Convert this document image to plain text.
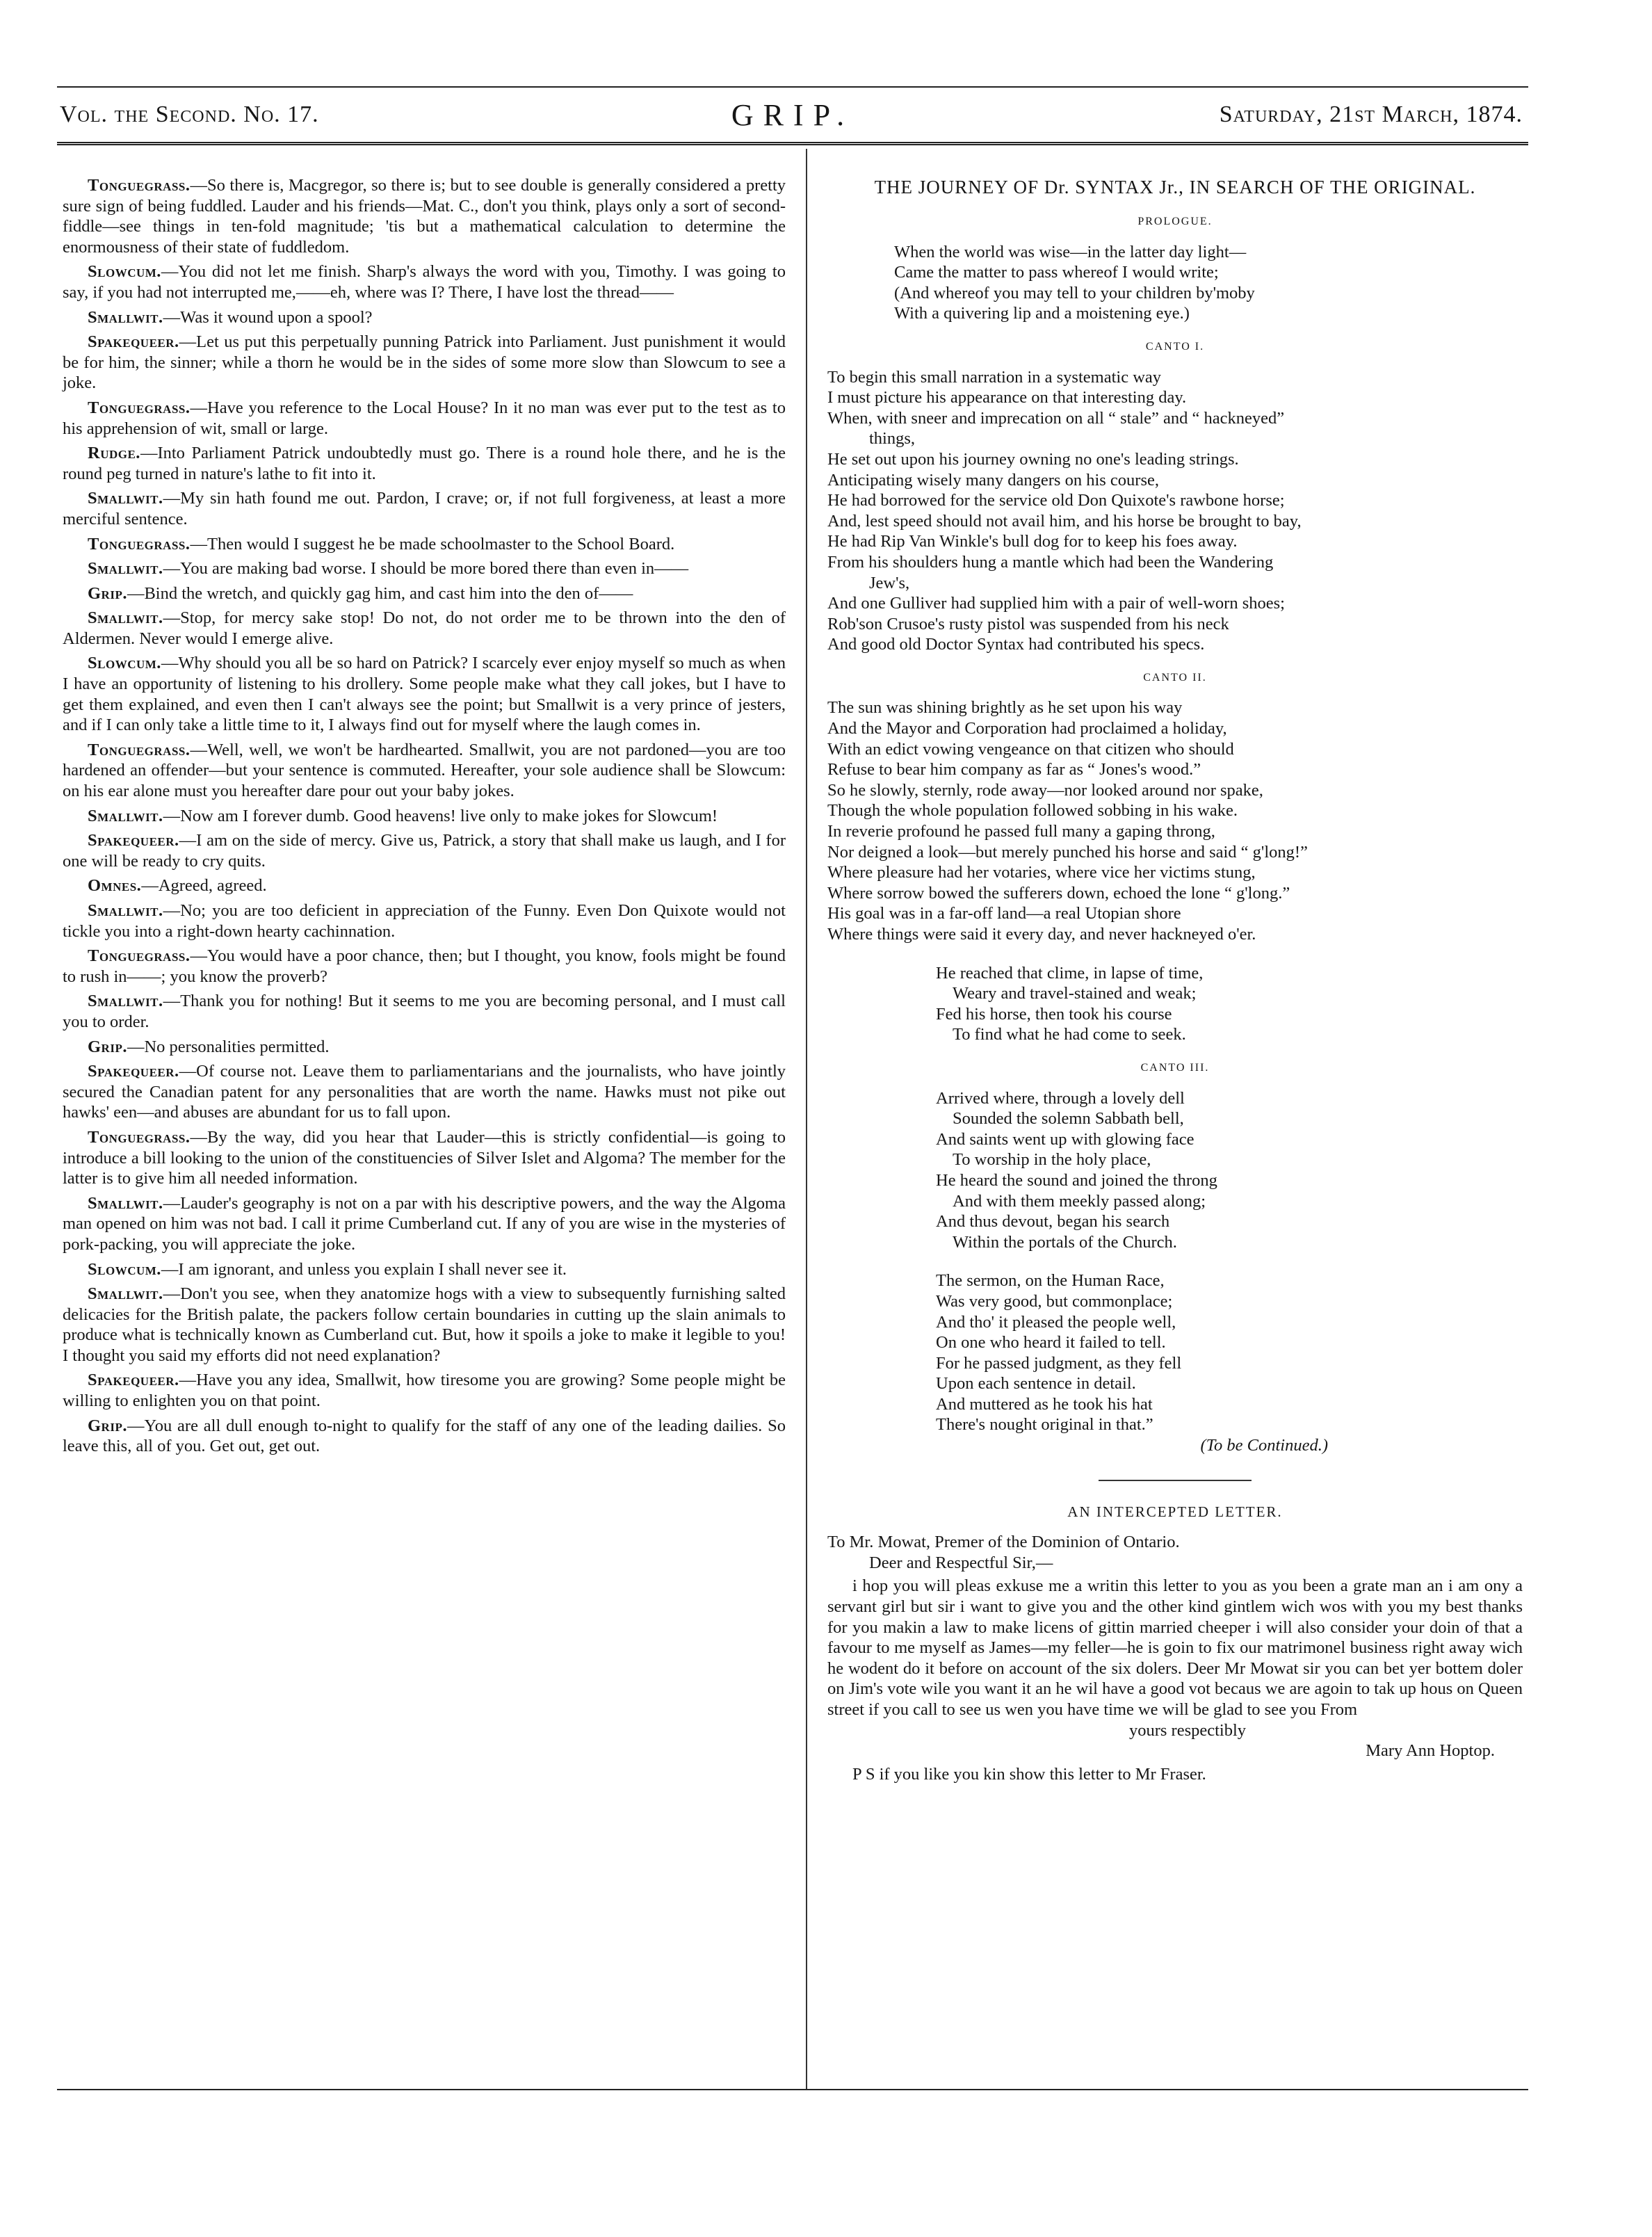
Vol. the Second. No. 17.	GRIP.	Saturday, 21st March, 1874.

Tonguegrass.—So there is, Macgregor, so there is; but to see double is generally considered a pretty sure sign of being fuddled. Lauder and his friends—Mat. C., don't you think, plays only a sort of second-fiddle—see things in ten-fold magnitude; 'tis but a mathematical calculation to determine the enormousness of their state of fuddledom.

Slowcum.—You did not let me finish. Sharp's always the word with you, Timothy. I was going to say, if you had not interrupted me,——eh, where was I? There, I have lost the thread——

Smallwit.—Was it wound upon a spool?

Spakequeer.—Let us put this perpetually punning Patrick into Parliament. Just punishment it would be for him, the sinner; while a thorn he would be in the sides of some more slow than Slowcum to see a joke.

Tonguegrass.—Have you reference to the Local House? In it no man was ever put to the test as to his apprehension of wit, small or large.

Rudge.—Into Parliament Patrick undoubtedly must go. There is a round hole there, and he is the round peg turned in nature's lathe to fit into it.

Smallwit.—My sin hath found me out. Pardon, I crave; or, if not full forgiveness, at least a more merciful sentence.

Tonguegrass.—Then would I suggest he be made schoolmaster to the School Board.

Smallwit.—You are making bad worse. I should be more bored there than even in——

Grip.—Bind the wretch, and quickly gag him, and cast him into the den of——

Smallwit.—Stop, for mercy sake stop! Do not, do not order me to be thrown into the den of Aldermen. Never would I emerge alive.

Slowcum.—Why should you all be so hard on Patrick? I scarcely ever enjoy myself so much as when I have an opportunity of listening to his drollery. Some people make what they call jokes, but I have to get them explained, and even then I can't always see the point; but Smallwit is a very prince of jesters, and if I can only take a little time to it, I always find out for myself where the laugh comes in.

Tonguegrass.—Well, well, we won't be hardhearted. Smallwit, you are not pardoned—you are too hardened an offender—but your sentence is commuted. Hereafter, your sole audience shall be Slowcum: on his ear alone must you hereafter dare pour out your baby jokes.

Smallwit.—Now am I forever dumb. Good heavens! live only to make jokes for Slowcum!

Spakequeer.—I am on the side of mercy. Give us, Patrick, a story that shall make us laugh, and I for one will be ready to cry quits.

Omnes.—Agreed, agreed.

Smallwit.—No; you are too deficient in appreciation of the Funny. Even Don Quixote would not tickle you into a right-down hearty cachinnation.

Tonguegrass.—You would have a poor chance, then; but I thought, you know, fools might be found to rush in——; you know the proverb?

Smallwit.—Thank you for nothing! But it seems to me you are becoming personal, and I must call you to order.

Grip.—No personalities permitted.

Spakequeer.—Of course not. Leave them to parliamentarians and the journalists, who have jointly secured the Canadian patent for any personalities that are worth the name. Hawks must not pike out hawks' een—and abuses are abundant for us to fall upon.

Tonguegrass.—By the way, did you hear that Lauder—this is strictly confidential—is going to introduce a bill looking to the union of the constituencies of Silver Islet and Algoma? The member for the latter is to give him all needed information.

Smallwit.—Lauder's geography is not on a par with his descriptive powers, and the way the Algoma man opened on him was not bad. I call it prime Cumberland cut. If any of you are wise in the mysteries of pork-packing, you will appreciate the joke.

Slowcum.—I am ignorant, and unless you explain I shall never see it.

Smallwit.—Don't you see, when they anatomize hogs with a view to subsequently furnishing salted delicacies for the British palate, the packers follow certain boundaries in cutting up the slain animals to produce what is technically known as Cumberland cut. But, how it spoils a joke to make it legible to you! I thought you said my efforts did not need explanation?

Spakequeer.—Have you any idea, Smallwit, how tiresome you are growing? Some people might be willing to enlighten you on that point.

Grip.—You are all dull enough to-night to qualify for the staff of any one of the leading dailies. So leave this, all of you. Get out, get out.

THE JOURNEY OF Dr. SYNTAX Jr., IN SEARCH OF THE ORIGINAL.
PROLOGUE.
When the world was wise—in the latter day light—
Came the matter to pass whereof I would write;
(And whereof you may tell to your children by'moby
With a quivering lip and a moistening eye.)
CANTO I.
To begin this small narration in a systematic way
I must picture his appearance on that interesting day.
When, with sneer and imprecation on all “ stale” and “ hackneyed”
things,
He set out upon his journey owning no one's leading strings.
Anticipating wisely many dangers on his course,
He had borrowed for the service old Don Quixote's rawbone horse;
And, lest speed should not avail him, and his horse be brought to bay,
He had Rip Van Winkle's bull dog for to keep his foes away.
From his shoulders hung a mantle which had been the Wandering
Jew's,
And one Gulliver had supplied him with a pair of well-worn shoes;
Rob'son Crusoe's rusty pistol was suspended from his neck
And good old Doctor Syntax had contributed his specs.
CANTO II.
The sun was shining brightly as he set upon his way
And the Mayor and Corporation had proclaimed a holiday,
With an edict vowing vengeance on that citizen who should
Refuse to bear him company as far as “ Jones's wood.”
So he slowly, sternly, rode away—nor looked around nor spake,
Though the whole population followed sobbing in his wake.
In reverie profound he passed full many a gaping throng,
Nor deigned a look—but merely punched his horse and said “ g'long!”
Where pleasure had her votaries, where vice her victims stung,
Where sorrow bowed the sufferers down, echoed the lone “ g'long.”
His goal was in a far-off land—a real Utopian shore
Where things were said it every day, and never hackneyed o'er.
He reached that clime, in lapse of time,
Weary and travel-stained and weak;
Fed his horse, then took his course
To find what he had come to seek.
CANTO III.
Arrived where, through a lovely dell
Sounded the solemn Sabbath bell,
And saints went up with glowing face
To worship in the holy place,
He heard the sound and joined the throng
And with them meekly passed along;
And thus devout, began his search
Within the portals of the Church.
The sermon, on the Human Race,
Was very good, but commonplace;
And tho' it pleased the people well,
On one who heard it failed to tell.
For he passed judgment, as they fell
Upon each sentence in detail.
And muttered as he took his hat
There's nought original in that.”
(To be Continued.)
AN INTERCEPTED LETTER.

To Mr. Mowat, Premer of the Dominion of Ontario.

Deer and Respectful Sir,—

i hop you will pleas exkuse me a writin this letter to you as you been a grate man an i am ony a servant girl but sir i want to give you and the other kind gintlem wich wos with you my best thanks for you makin a law to make licens of gittin married cheeper i will also consider your doin of that a favour to me myself as James—my feller—he is goin to fix our matrimonel business right away wich he wodent do it before on account of the six dolers. Deer Mr Mowat sir you can bet yer bottem doler on Jim's vote wile you want it an he wil have a good vot becaus we are agoin to tak up hous on Queen street if you call to see us wen you have time we will be glad to see you From

yours respectibly

Mary Ann Hoptop.

P S if you like you kin show this letter to Mr Fraser.
